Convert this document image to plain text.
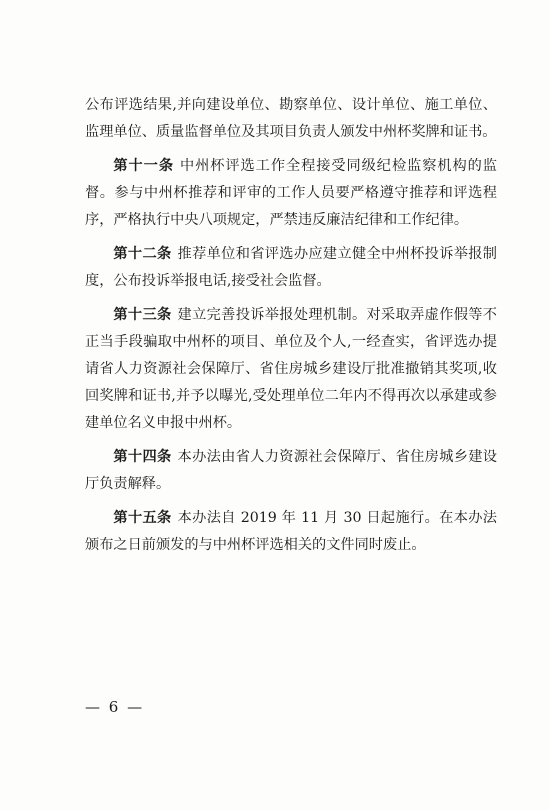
公布评选结果,并向建设单位、勘察单位、设计单位、施工单位、监理单位、质量监督单位及其项目负责人颁发中州杯奖牌和证书。

第十一条 中州杯评选工作全程接受同级纪检监察机构的监督。参与中州杯推荐和评审的工作人员要严格遵守推荐和评选程序，严格执行中央八项规定，严禁违反廉洁纪律和工作纪律。

第十二条 推荐单位和省评选办应建立健全中州杯投诉举报制度，公布投诉举报电话,接受社会监督。

第十三条 建立完善投诉举报处理机制。对采取弄虚作假等不正当手段骗取中州杯的项目、单位及个人,一经查实，省评选办提请省人力资源社会保障厅、省住房城乡建设厅批准撤销其奖项,收回奖牌和证书,并予以曝光,受处理单位二年内不得再次以承建或参建单位名义申报中州杯。

第十四条 本办法由省人力资源社会保障厅、省住房城乡建设厅负责解释。

第十五条 本办法自 2019 年 11 月 30 日起施行。在本办法颁布之日前颁发的与中州杯评选相关的文件同时废止。

— 6 —
